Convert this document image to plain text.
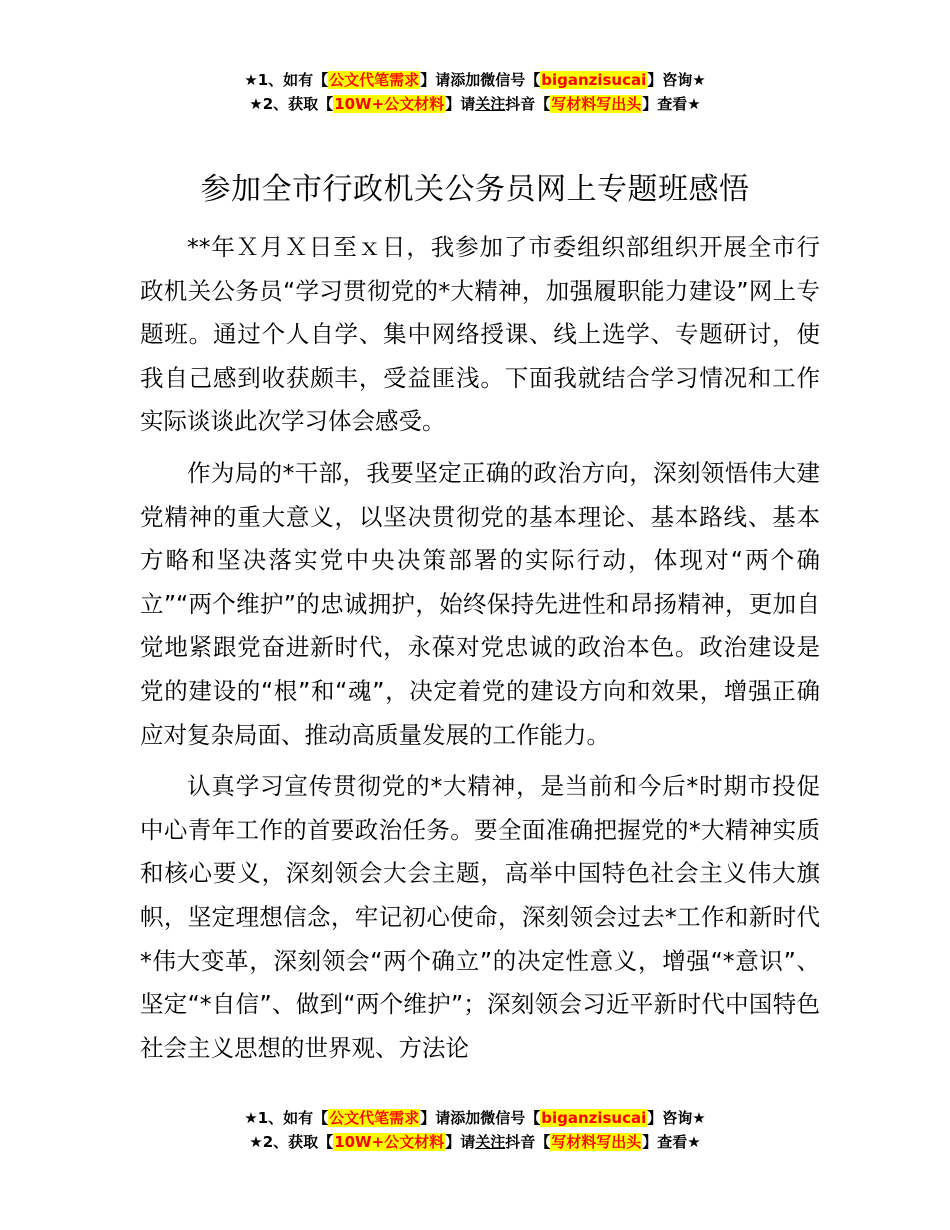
★1、如有【公文代笔需求】请添加微信号【biganzisucai】咨询★
★2、获取【10W+公文材料】请关注抖音【写材料写出头】查看★
参加全市行政机关公务员网上专题班感悟

**年Ｘ月Ｘ日至ｘ日，我参加了市委组织部组织开展全市行政机关公务员“学习贯彻党的*大精神，加强履职能力建设”网上专题班。通过个人自学、集中网络授课、线上选学、专题研讨，使我自己感到收获颇丰，受益匪浅。下面我就结合学习情况和工作实际谈谈此次学习体会感受。

作为局的*干部，我要坚定正确的政治方向，深刻领悟伟大建党精神的重大意义，以坚决贯彻党的基本理论、基本路线、基本方略和坚决落实党中央决策部署的实际行动，体现对“两个确立”“两个维护”的忠诚拥护，始终保持先进性和昂扬精神，更加自觉地紧跟党奋进新时代，永葆对党忠诚的政治本色。政治建设是党的建设的“根”和“魂”，决定着党的建设方向和效果，增强正确应对复杂局面、推动高质量发展的工作能力。

认真学习宣传贯彻党的*大精神，是当前和今后*时期市投促中心青年工作的首要政治任务。要全面准确把握党的*大精神实质和核心要义，深刻领会大会主题，高举中国特色社会主义伟大旗帜，坚定理想信念，牢记初心使命，深刻领会过去*工作和新时代*伟大变革，深刻领会“两个确立”的决定性意义，增强“*意识”、坚定“*自信”、做到“两个维护”；深刻领会习近平新时代中国特色社会主义思想的世界观、方法论

★1、如有【公文代笔需求】请添加微信号【biganzisucai】咨询★
★2、获取【10W+公文材料】请关注抖音【写材料写出头】查看★
